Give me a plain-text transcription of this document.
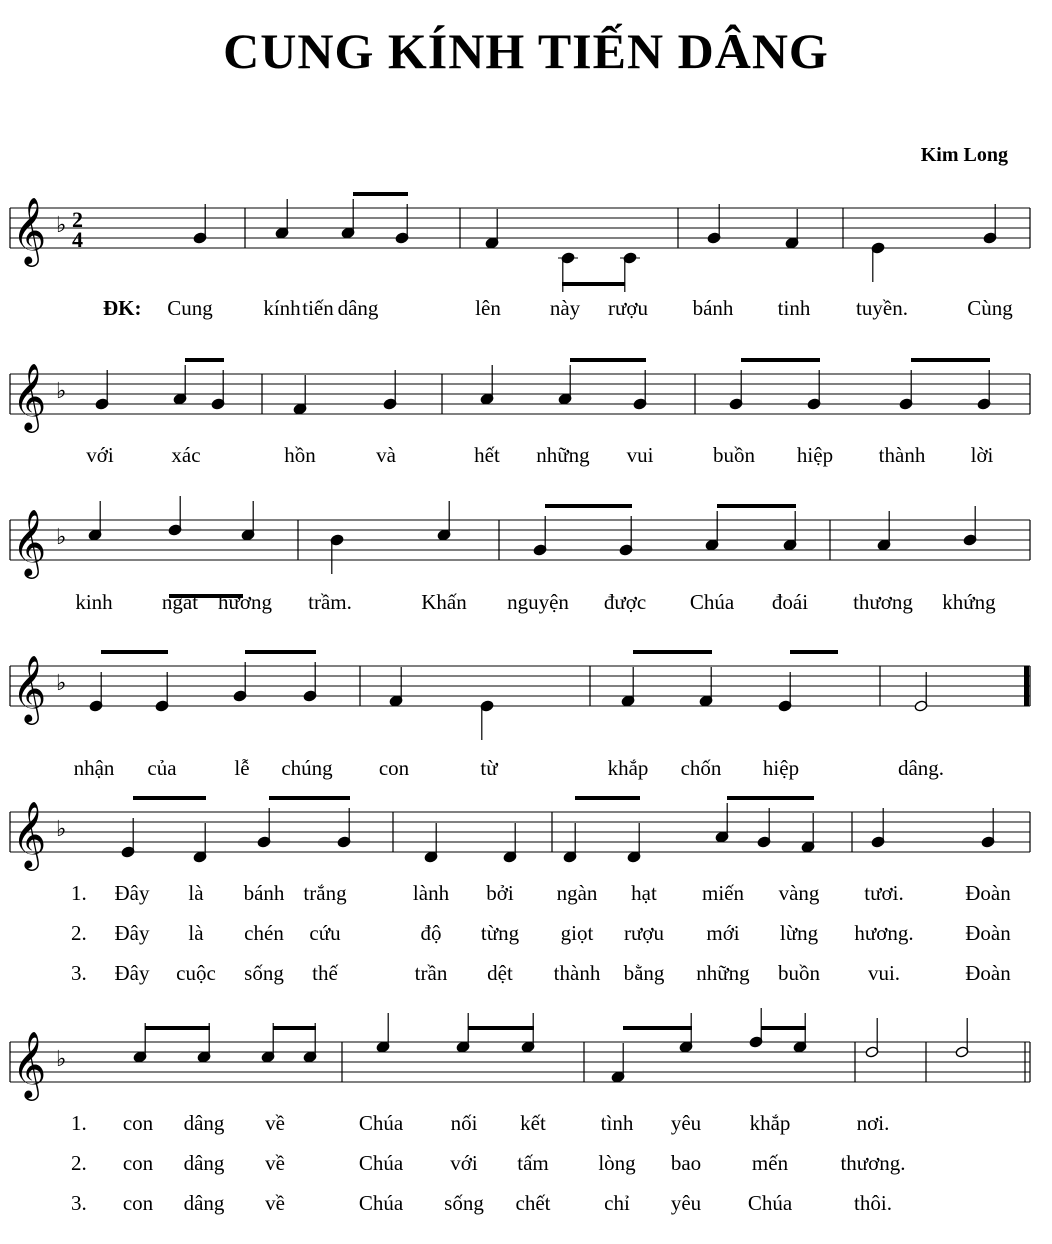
CUNG KÍNH TIẾN DÂNG
Kim Long
𝄞 ♭ 2
4
ĐK: Cung kính tiến dâng	lên này rượu bánh tinh tuyền.	Cùng
𝄞 ♭
với	xác	hồn	và	hết những vui	buồn hiệp thành lời
𝄞 ♭
kinh ngát hương trầm.	Khấn nguyện được Chúa đoái thương khứng
𝄞 ♭
nhận của	lễ chúng con	từ	khắp chốn hiệp	dâng.
𝄞 ♭
1. Đây là bánh trắng	lành bởi ngàn hạt miến vàng tươi.	Đoàn
2. Đây là chén cứu	độ từng giọt rượu mới lừng hương. Đoàn
3. Đây cuộc sống thế	trần dệt thành bằng những buồn vui.	Đoàn
𝄞 ♭
1. con dâng về	Chúa nối kết	tình yêu khắp	nơi.
2. con dâng về	Chúa với tấm lòng bao mến thương.
3. con dâng về	Chúa sống chết	chỉ yêu Chúa	thôi.
